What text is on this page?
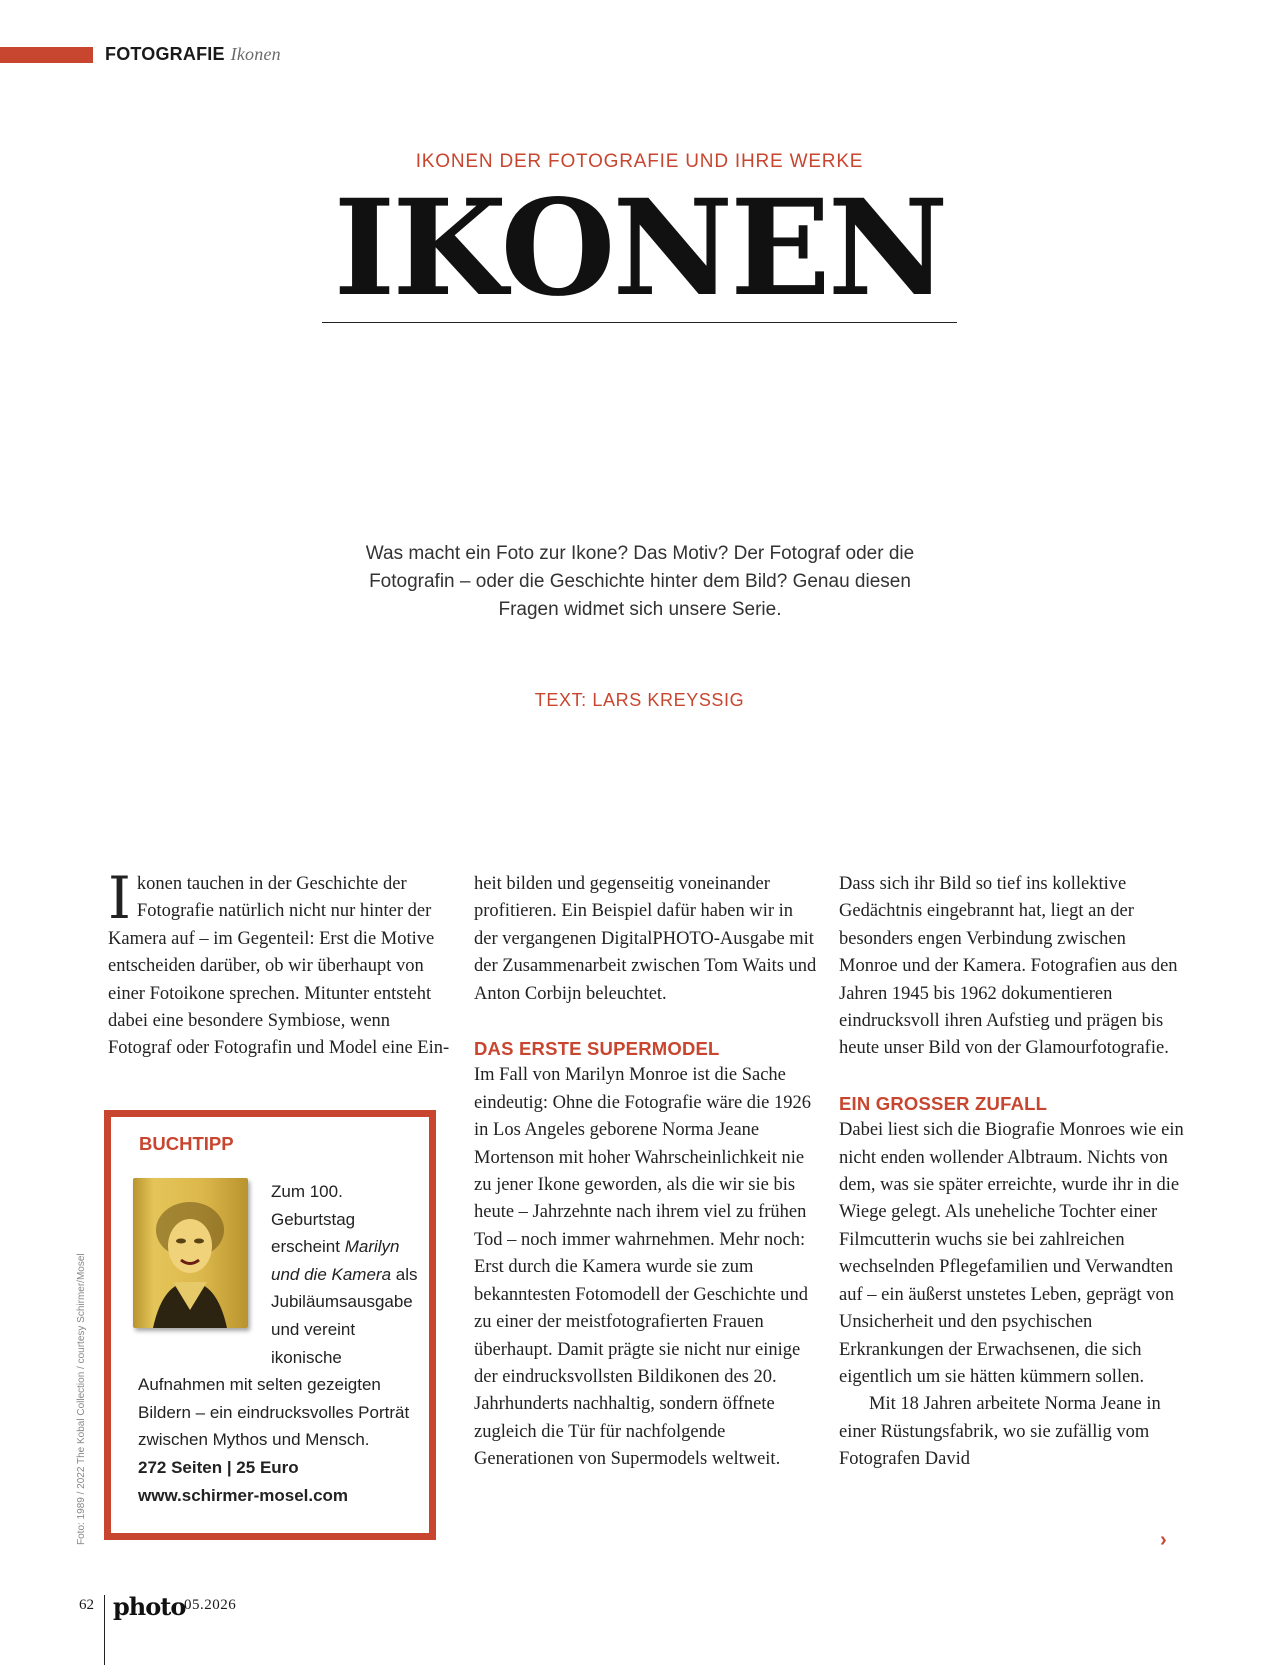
FOTOGRAFIE Ikonen
IKONEN DER FOTOGRAFIE UND IHRE WERKE
IKONEN
Was macht ein Foto zur Ikone? Das Motiv? Der Fotograf oder die Fotografin – oder die Geschichte hinter dem Bild? Genau diesen Fragen widmet sich unsere Serie.
TEXT: LARS KREYSSIG

Ikonen tauchen in der Geschichte der Fotografie natürlich nicht nur hinter der Kamera auf – im Gegenteil: Erst die Motive entscheiden darüber, ob wir überhaupt von einer Fotoikone sprechen. Mitunter entsteht dabei eine besondere Symbiose, wenn Fotograf oder Fotografin und Model eine Ein-

BUCHTIPP
Zum 100. Geburtstag erscheint Marilyn und die Kamera als Jubiläumsausgabe und vereint ikonische Aufnahmen mit selten gezeigten Bildern – ein eindrucksvolles Porträt zwischen Mythos und Mensch.
272 Seiten | 25 Euro
www.schirmer-mosel.com
Foto: 1989 / 2022 The Kobal Collection / courtesy Schirmer/Mosel

heit bilden und gegenseitig voneinander profitieren. Ein Beispiel dafür haben wir in der vergangenen DigitalPHOTO-Ausgabe mit der Zusammenarbeit zwischen Tom Waits und Anton Corbijn beleuchtet.

DAS ERSTE SUPERMODEL

Im Fall von Marilyn Monroe ist die Sache eindeutig: Ohne die Fotografie wäre die 1926 in Los Angeles geborene Norma Jeane Mortenson mit hoher Wahrscheinlichkeit nie zu jener Ikone geworden, als die wir sie bis heute – Jahrzehnte nach ihrem viel zu frühen Tod – noch immer wahrnehmen. Mehr noch: Erst durch die Kamera wurde sie zum bekanntesten Fotomodell der Geschichte und zu einer der meistfotografierten Frauen überhaupt. Damit prägte sie nicht nur einige der eindrucksvollsten Bildikonen des 20. Jahrhunderts nachhaltig, sondern öffnete zugleich die Tür für nachfolgende Generationen von Supermodels weltweit.

Dass sich ihr Bild so tief ins kollektive Gedächtnis eingebrannt hat, liegt an der besonders engen Verbindung zwischen Monroe und der Kamera. Fotografien aus den Jahren 1945 bis 1962 dokumentieren eindrucksvoll ihren Aufstieg und prägen bis heute unser Bild von der Glamourfotografie.

EIN GROSSER ZUFALL

Dabei liest sich die Biografie Monroes wie ein nicht enden wollender Albtraum. Nichts von dem, was sie später erreichte, wurde ihr in die Wiege gelegt. Als uneheliche Tochter einer Filmcutterin wuchs sie bei zahlreichen wechselnden Pflegefamilien und Verwandten auf – ein äußerst unstetes Leben, geprägt von Unsicherheit und den psychischen Erkrankungen der Erwachsenen, die sich eigentlich um sie hätten kümmern sollen.

Mit 18 Jahren arbeitete Norma Jeane in einer Rüstungsfabrik, wo sie zufällig vom Fotografen David

›
62 photo
05.2026
